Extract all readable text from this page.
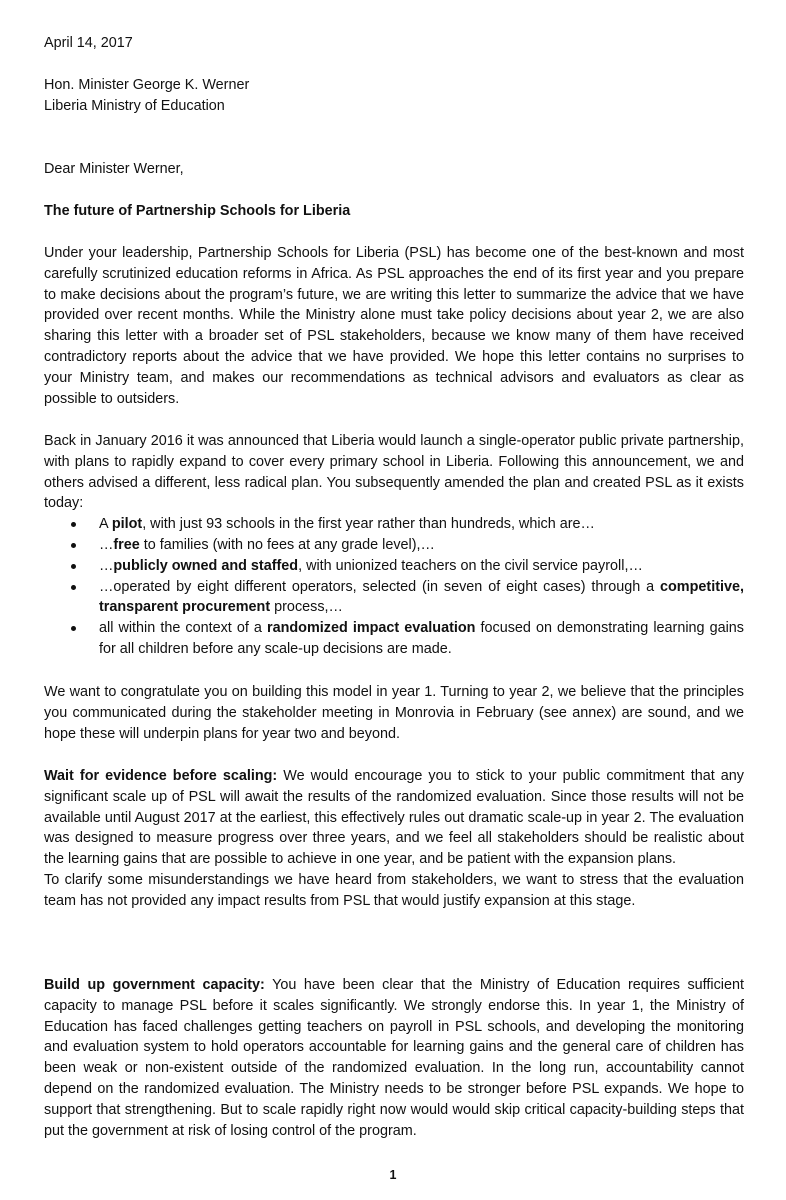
April 14, 2017
Hon. Minister George K. Werner
Liberia Ministry of Education
Dear Minister Werner,
The future of Partnership Schools for Liberia
Under your leadership, Partnership Schools for Liberia (PSL) has become one of the best-known and most carefully scrutinized education reforms in Africa. As PSL approaches the end of its first year and you prepare to make decisions about the program’s future, we are writing this letter to summarize the advice that we have provided over recent months. While the Ministry alone must take policy decisions about year 2, we are also sharing this letter with a broader set of PSL stakeholders, because we know many of them have received contradictory reports about the advice that we have provided. We hope this letter contains no surprises to your Ministry team, and makes our recommendations as technical advisors and evaluators as clear as possible to outsiders.
Back in January 2016 it was announced that Liberia would launch a single-operator public private partnership, with plans to rapidly expand to cover every primary school in Liberia. Following this announcement, we and others advised a different, less radical plan. You subsequently amended the plan and created PSL as it exists today:
A pilot, with just 93 schools in the first year rather than hundreds, which are…
…free to families (with no fees at any grade level),…
…publicly owned and staffed, with unionized teachers on the civil service payroll,…
…operated by eight different operators, selected (in seven of eight cases) through a competitive, transparent procurement process,…
all within the context of a randomized impact evaluation focused on demonstrating learning gains for all children before any scale-up decisions are made.
We want to congratulate you on building this model in year 1. Turning to year 2, we believe that the principles you communicated during the stakeholder meeting in Monrovia in February (see annex) are sound, and we hope these will underpin plans for year two and beyond.
Wait for evidence before scaling: We would encourage you to stick to your public commitment that any significant scale up of PSL will await the results of the randomized evaluation. Since those results will not be available until August 2017 at the earliest, this effectively rules out dramatic scale-up in year 2. The evaluation was designed to measure progress over three years, and we feel all stakeholders should be realistic about the learning gains that are possible to achieve in one year, and be patient with the expansion plans.
To clarify some misunderstandings we have heard from stakeholders, we want to stress that the evaluation team has not provided any impact results from PSL that would justify expansion at this stage.
Build up government capacity: You have been clear that the Ministry of Education requires sufficient capacity to manage PSL before it scales significantly. We strongly endorse this. In year 1, the Ministry of Education has faced challenges getting teachers on payroll in PSL schools, and developing the monitoring and evaluation system to hold operators accountable for learning gains and the general care of children has been weak or non-existent outside of the randomized evaluation. In the long run, accountability cannot depend on the randomized evaluation. The Ministry needs to be stronger before PSL expands. We hope to support that strengthening. But to scale rapidly right now would would skip critical capacity-building steps that put the government at risk of losing control of the program.
1
